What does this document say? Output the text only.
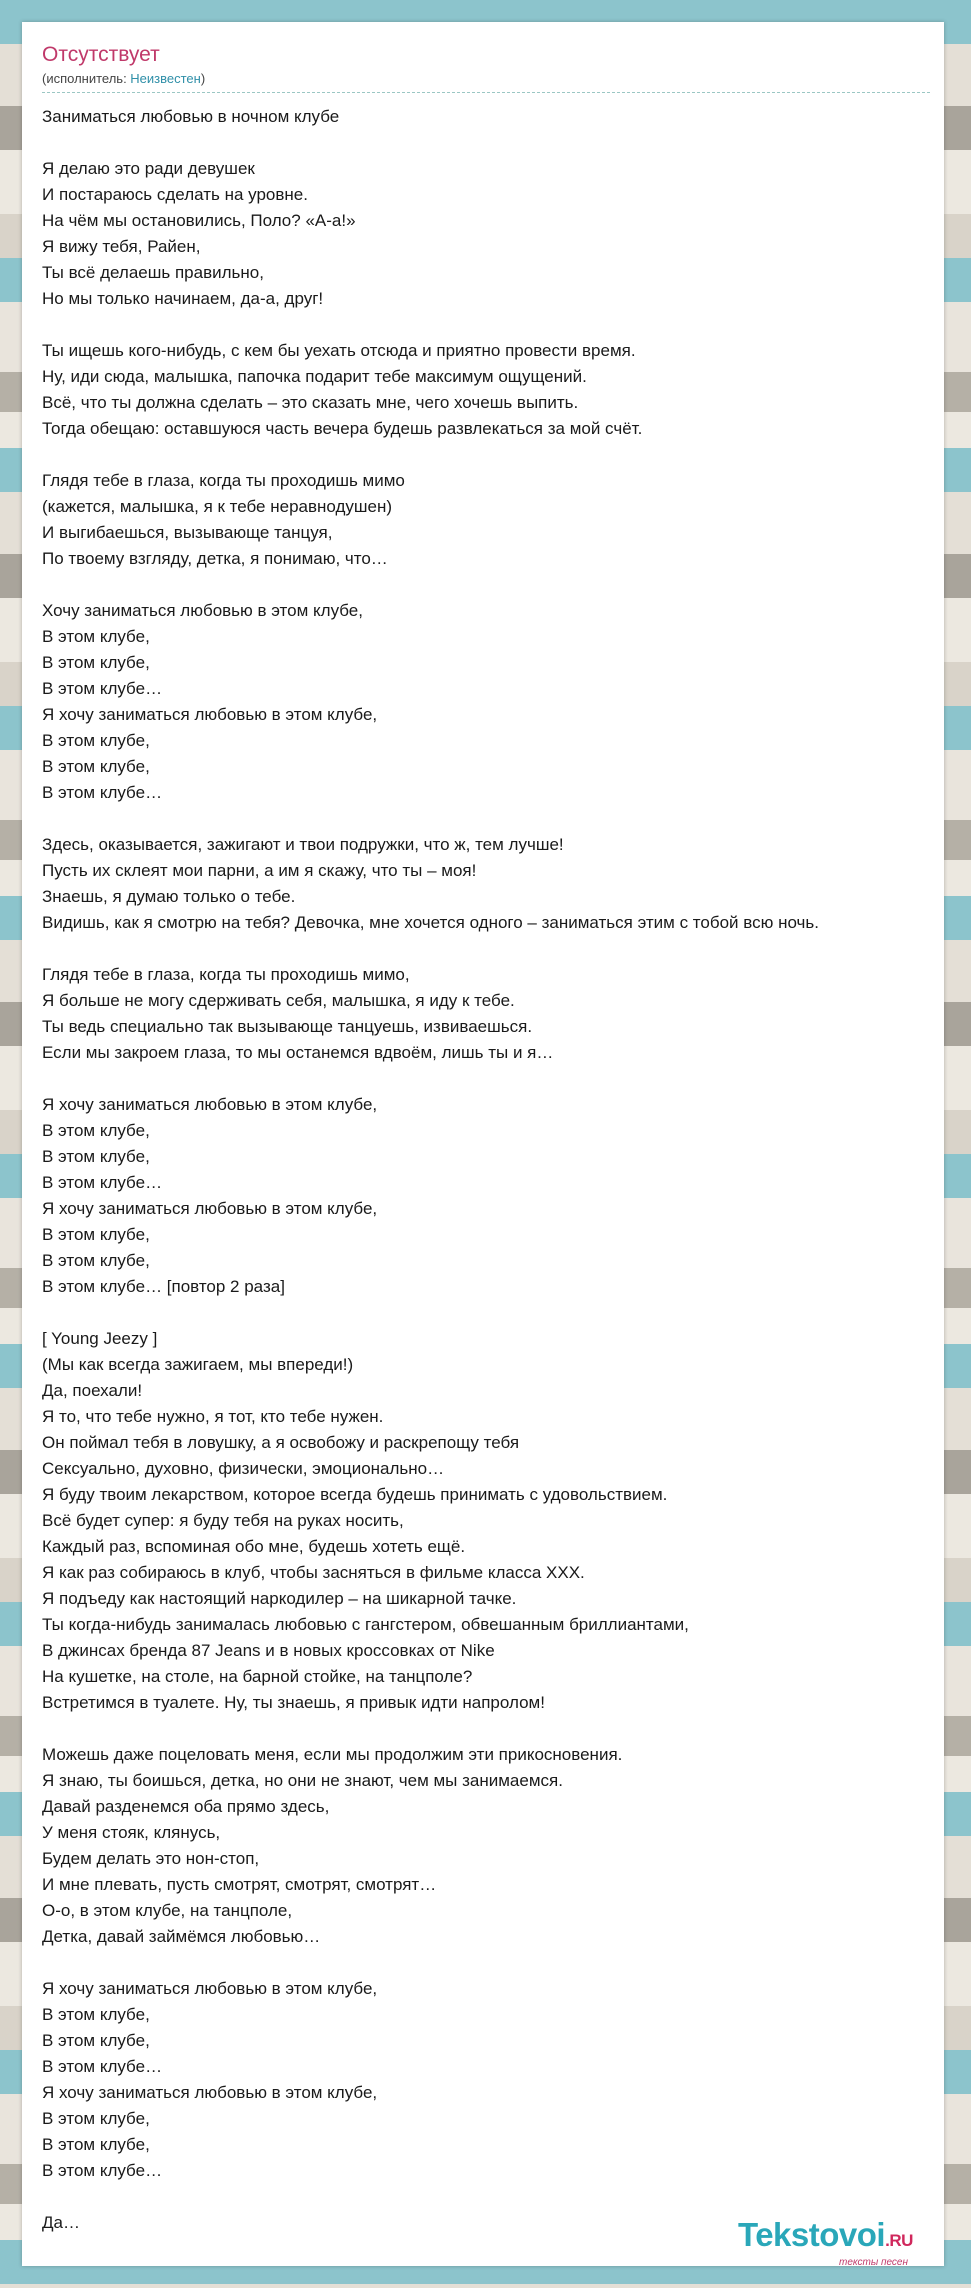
Отсутствует
(исполнитель: Неизвестен)
Заниматься любовью в ночном клубе
Я делаю это ради девушек
И постараюсь сделать на уровне.
На чём мы остановились, Поло? «А-а!»
Я вижу тебя, Райен,
Ты всё делаешь правильно,
Но мы только начинаем, да-а, друг!
Ты ищешь кого-нибудь, с кем бы уехать отсюда и приятно провести время.
Ну, иди сюда, малышка, папочка подарит тебе максимум ощущений.
Всё, что ты должна сделать – это сказать мне, чего хочешь выпить.
Тогда обещаю: оставшуюся часть вечера будешь развлекаться за мой счёт.
Глядя тебе в глаза, когда ты проходишь мимо
(кажется, малышка, я к тебе неравнодушен)
И выгибаешься, вызывающе танцуя,
По твоему взгляду, детка, я понимаю, что…
Хочу заниматься любовью в этом клубе,
В этом клубе,
В этом клубе,
В этом клубе…
Я хочу заниматься любовью в этом клубе,
В этом клубе,
В этом клубе,
В этом клубе…
Здесь, оказывается, зажигают и твои подружки, что ж, тем лучше!
Пусть их склеят мои парни, а им я скажу, что ты – моя!
Знаешь, я думаю только о тебе.
Видишь, как я смотрю на тебя? Девочка, мне хочется одного – заниматься этим с тобой всю ночь.
Глядя тебе в глаза, когда ты проходишь мимо,
Я больше не могу сдерживать себя, малышка, я иду к тебе.
Ты ведь специально так вызывающе танцуешь, извиваешься.
Если мы закроем глаза, то мы останемся вдвоём, лишь ты и я…
Я хочу заниматься любовью в этом клубе,
В этом клубе,
В этом клубе,
В этом клубе…
Я хочу заниматься любовью в этом клубе,
В этом клубе,
В этом клубе,
В этом клубе… [повтор 2 раза]
[ Young Jeezy ]
(Мы как всегда зажигаем, мы впереди!)
Да, поехали!
Я то, что тебе нужно, я тот, кто тебе нужен.
Он поймал тебя в ловушку, а я освобожу и раскрепощу тебя
Сексуально, духовно, физически, эмоционально…
Я буду твоим лекарством, которое всегда будешь принимать с удовольствием.
Всё будет супер: я буду тебя на руках носить,
Каждый раз, вспоминая обо мне, будешь хотеть ещё.
Я как раз собираюсь в клуб, чтобы засняться в фильме класса ХХХ.
Я подъеду как настоящий наркодилер – на шикарной тачке.
Ты когда-нибудь занималась любовью с гангстером, обвешанным бриллиантами,
В джинсах бренда 87 Jeans и в новых кроссовках от Nike
На кушетке, на столе, на барной стойке, на танцполе?
Встретимся в туалете. Ну, ты знаешь, я привык идти напролом!
Можешь даже поцеловать меня, если мы продолжим эти прикосновения.
Я знаю, ты боишься, детка, но они не знают, чем мы занимаемся.
Давай разденемся оба прямо здесь,
У меня стояк, клянусь,
Будем делать это нон-стоп,
И мне плевать, пусть смотрят, смотрят, смотрят…
О-о, в этом клубе, на танцполе,
Детка, давай займёмся любовью…
Я хочу заниматься любовью в этом клубе,
В этом клубе,
В этом клубе,
В этом клубе…
Я хочу заниматься любовью в этом клубе,
В этом клубе,
В этом клубе,
В этом клубе…
Да…	Tekstovoi.RU
тексты песен
